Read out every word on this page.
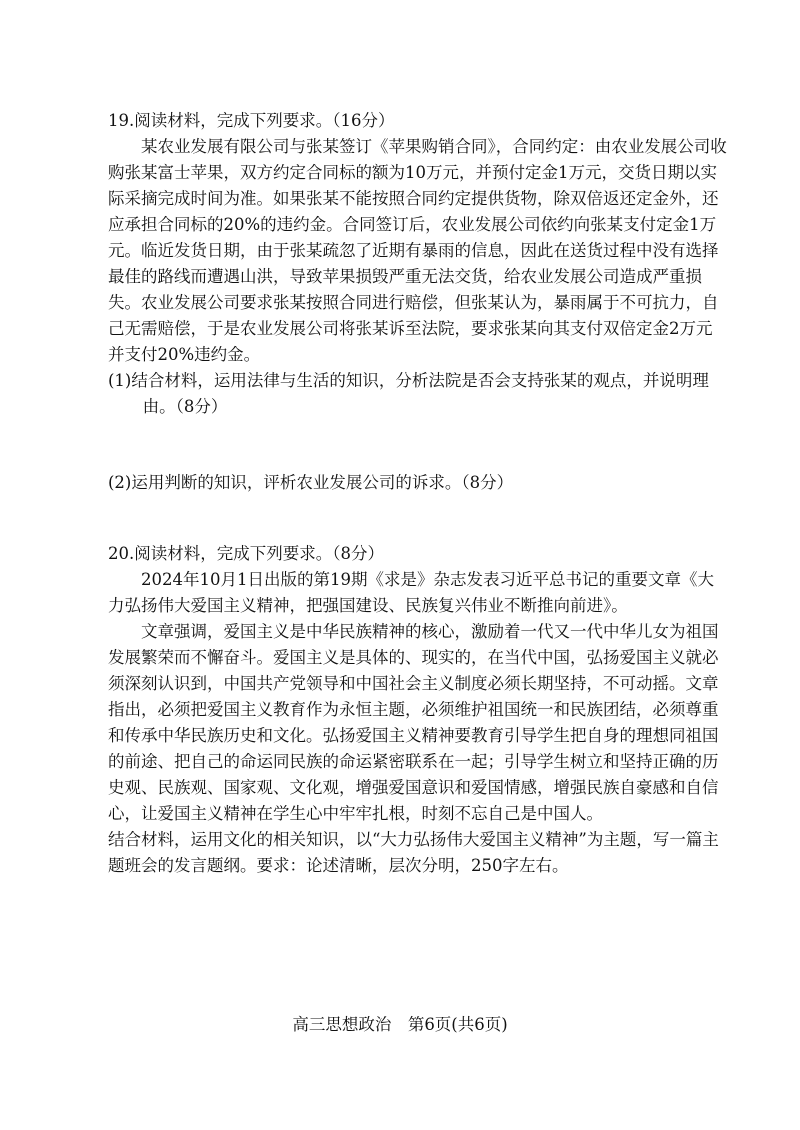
19.阅读材料，完成下列要求。（16分）

某农业发展有限公司与张某签订《苹果购销合同》，合同约定：由农业发展公司收购张某富士苹果，双方约定合同标的额为10万元，并预付定金1万元，交货日期以实际采摘完成时间为准。如果张某不能按照合同约定提供货物，除双倍返还定金外，还应承担合同标的20%的违约金。合同签订后，农业发展公司依约向张某支付定金1万元。临近发货日期，由于张某疏忽了近期有暴雨的信息，因此在送货过程中没有选择最佳的路线而遭遇山洪，导致苹果损毁严重无法交货，给农业发展公司造成严重损失。农业发展公司要求张某按照合同进行赔偿，但张某认为，暴雨属于不可抗力，自己无需赔偿，于是农业发展公司将张某诉至法院，要求张某向其支付双倍定金2万元 并支付20%违约金。

(1)结合材料，运用法律与生活的知识，分析法院是否会支持张某的观点，并说明理由。（8分）

(2)运用判断的知识，评析农业发展公司的诉求。（8分）

20.阅读材料，完成下列要求。（8分）

2024年10月1日出版的第19期《求是》杂志发表习近平总书记的重要文章《大力弘扬伟大爱国主义精神，把强国建设、民族复兴伟业不断推向前进》。

文章强调，爱国主义是中华民族精神的核心，激励着一代又一代中华儿女为祖国发展繁荣而不懈奋斗。爱国主义是具体的、现实的，在当代中国，弘扬爱国主义就必须深刻认识到，中国共产党领导和中国社会主义制度必须长期坚持，不可动摇。文章指出，必须把爱国主义教育作为永恒主题，必须维护祖国统一和民族团结，必须尊重和传承中华民族历史和文化。弘扬爱国主义精神要教育引导学生把自身的理想同祖国的前途、把自己的命运同民族的命运紧密联系在一起；引导学生树立和坚持正确的历史观、民族观、国家观、文化观，增强爱国意识和爱国情感，增强民族自豪感和自信心，让爱国主义精神在学生心中牢牢扎根，时刻不忘自己是中国人。

结合材料，运用文化的相关知识，以“大力弘扬伟大爱国主义精神”为主题，写一篇主题班会的发言题纲。要求：论述清晰，层次分明，250字左右。

高三思想政治　第6页(共6页)
